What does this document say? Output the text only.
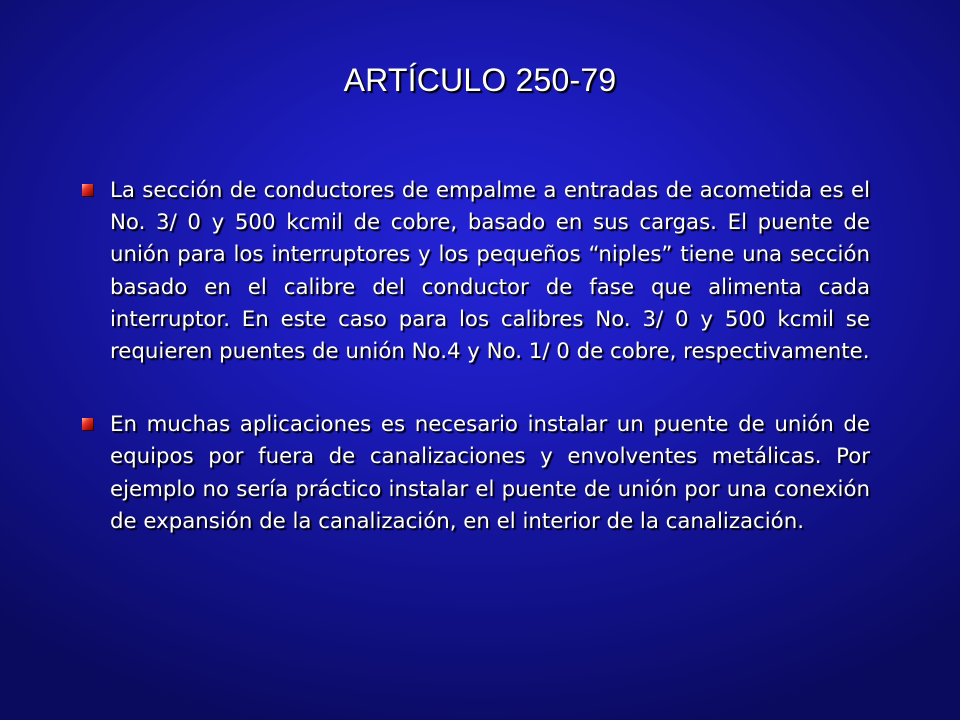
ARTÍCULO 250-79
La sección de conductores de empalme a entradas de acometida es el No. 3/ 0 y 500 kcmil de cobre, basado en sus cargas. El puente de unión para los interruptores y los pequeños “niples” tiene una sección basado en el calibre del conductor de fase que alimenta cada interruptor. En este caso para los calibres No. 3/ 0 y 500 kcmil se requieren puentes de unión No.4 y No. 1/ 0 de cobre, respectivamente.
En muchas aplicaciones es necesario instalar un puente de unión de equipos por fuera de canalizaciones y envolventes metálicas. Por ejemplo no sería práctico instalar el puente de unión por una conexión de expansión de la canalización, en el interior de la canalización.
